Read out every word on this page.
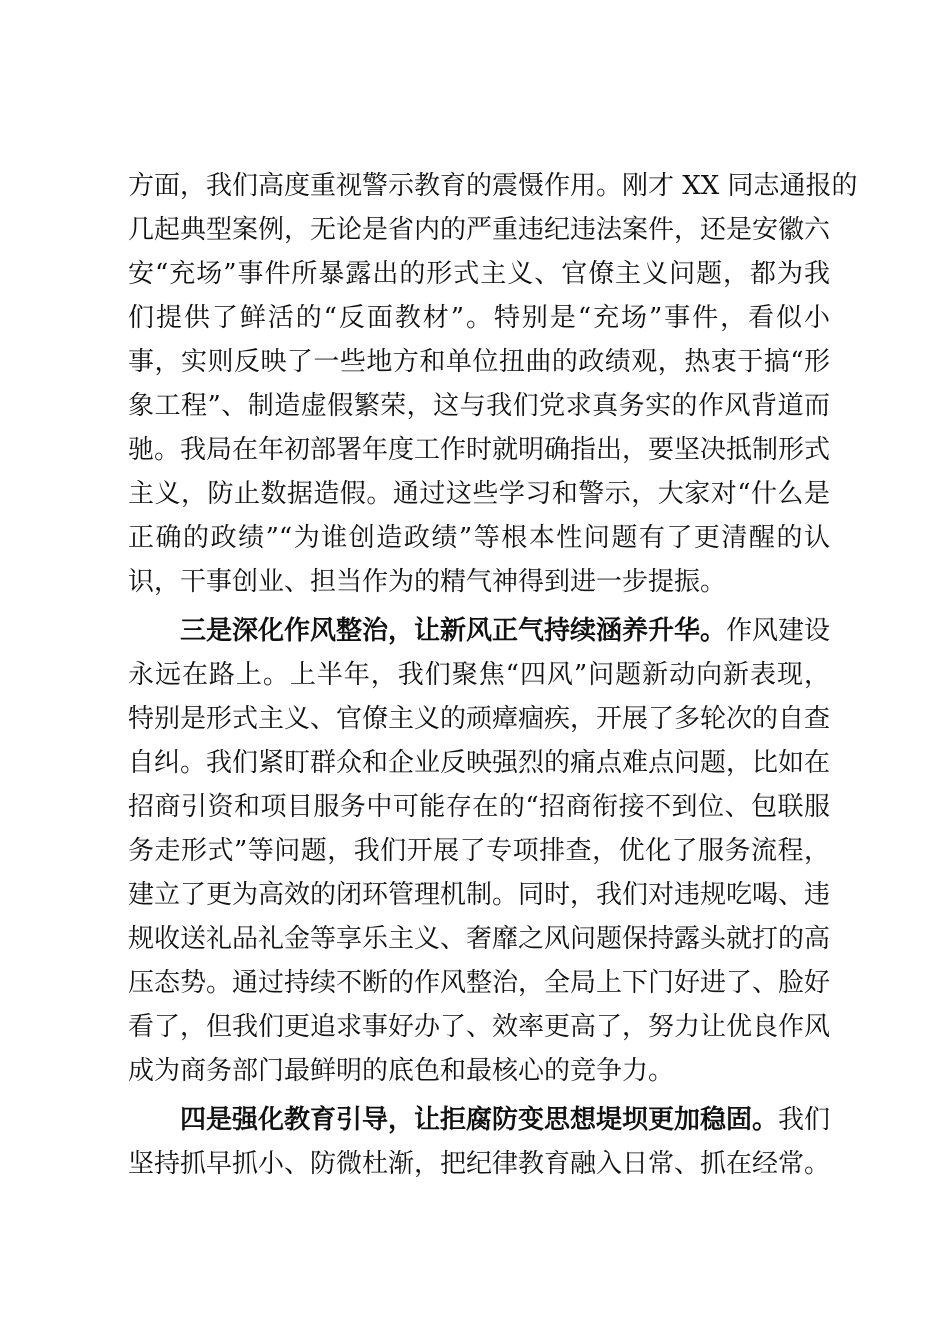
方面，我们高度重视警示教育的震慑作用。刚才 XX 同志通报的
几起典型案例，无论是省内的严重违纪违法案件，还是安徽六
安“充场”事件所暴露出的形式主义、官僚主义问题，都为我
们提供了鲜活的“反面教材”。特别是“充场”事件，看似小
事，实则反映了一些地方和单位扭曲的政绩观，热衷于搞“形
象工程”、制造虚假繁荣，这与我们党求真务实的作风背道而
驰。我局在年初部署年度工作时就明确指出，要坚决抵制形式
主义，防止数据造假。通过这些学习和警示，大家对“什么是
正确的政绩”“为谁创造政绩”等根本性问题有了更清醒的认
识，干事创业、担当作为的精气神得到进一步提振。
三是深化作风整治，让新风正气持续涵养升华。作风建设
永远在路上。上半年，我们聚焦“四风”问题新动向新表现，
特别是形式主义、官僚主义的顽瘴痼疾，开展了多轮次的自查
自纠。我们紧盯群众和企业反映强烈的痛点难点问题，比如在
招商引资和项目服务中可能存在的“招商衔接不到位、包联服
务走形式”等问题，我们开展了专项排查，优化了服务流程，
建立了更为高效的闭环管理机制。同时，我们对违规吃喝、违
规收送礼品礼金等享乐主义、奢靡之风问题保持露头就打的高
压态势。通过持续不断的作风整治，全局上下门好进了、脸好
看了，但我们更追求事好办了、效率更高了，努力让优良作风
成为商务部门最鲜明的底色和最核心的竞争力。
四是强化教育引导，让拒腐防变思想堤坝更加稳固。我们
坚持抓早抓小、防微杜渐，把纪律教育融入日常、抓在经常。
